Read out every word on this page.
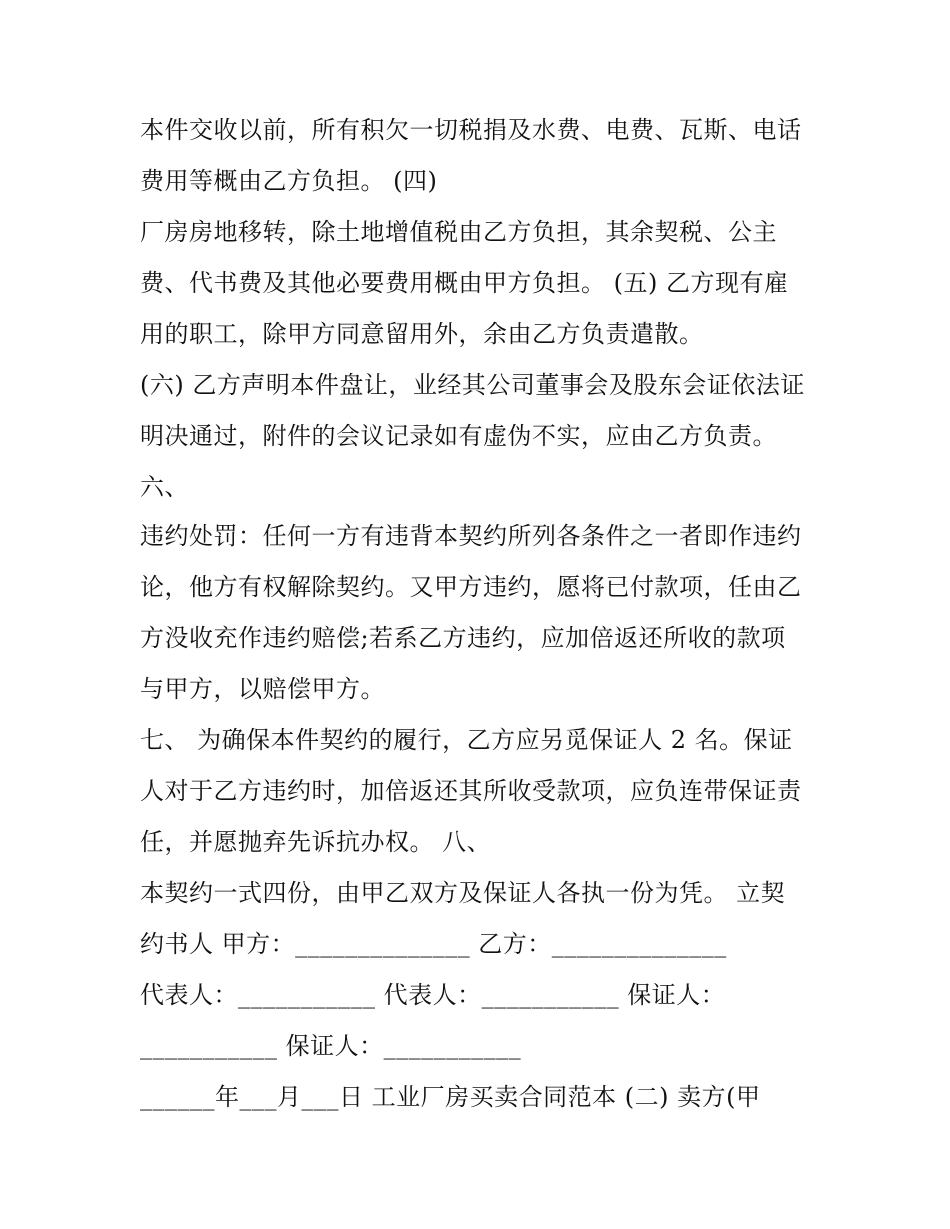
本件交收以前，所有积欠一切税捐及水费、电费、瓦斯、电话
费用等概由乙方负担。 (四)
厂房房地移转，除土地增值税由乙方负担，其余契税、公主
费、代书费及其他必要费用概由甲方负担。 (五) 乙方现有雇
用的职工，除甲方同意留用外，余由乙方负责遣散。
(六) 乙方声明本件盘让，业经其公司董事会及股东会证依法证
明决通过，附件的会议记录如有虚伪不实，应由乙方负责。
六、
违约处罚：任何一方有违背本契约所列各条件之一者即作违约
论，他方有权解除契约。又甲方违约，愿将已付款项，任由乙
方没收充作违约赔偿;若系乙方违约，应加倍返还所收的款项
与甲方，以赔偿甲方。
七、 为确保本件契约的履行，乙方应另觅保证人 2 名。保证
人对于乙方违约时，加倍返还其所收受款项，应负连带保证责
任，并愿抛弃先诉抗办权。 八、
本契约一式四份，由甲乙双方及保证人各执一份为凭。 立契
约书人 甲方：______________ 乙方：______________
代表人：___________ 代表人：___________ 保证人：
___________ 保证人：___________
______年___月___日 工业厂房买卖合同范本 (二) 卖方(甲
